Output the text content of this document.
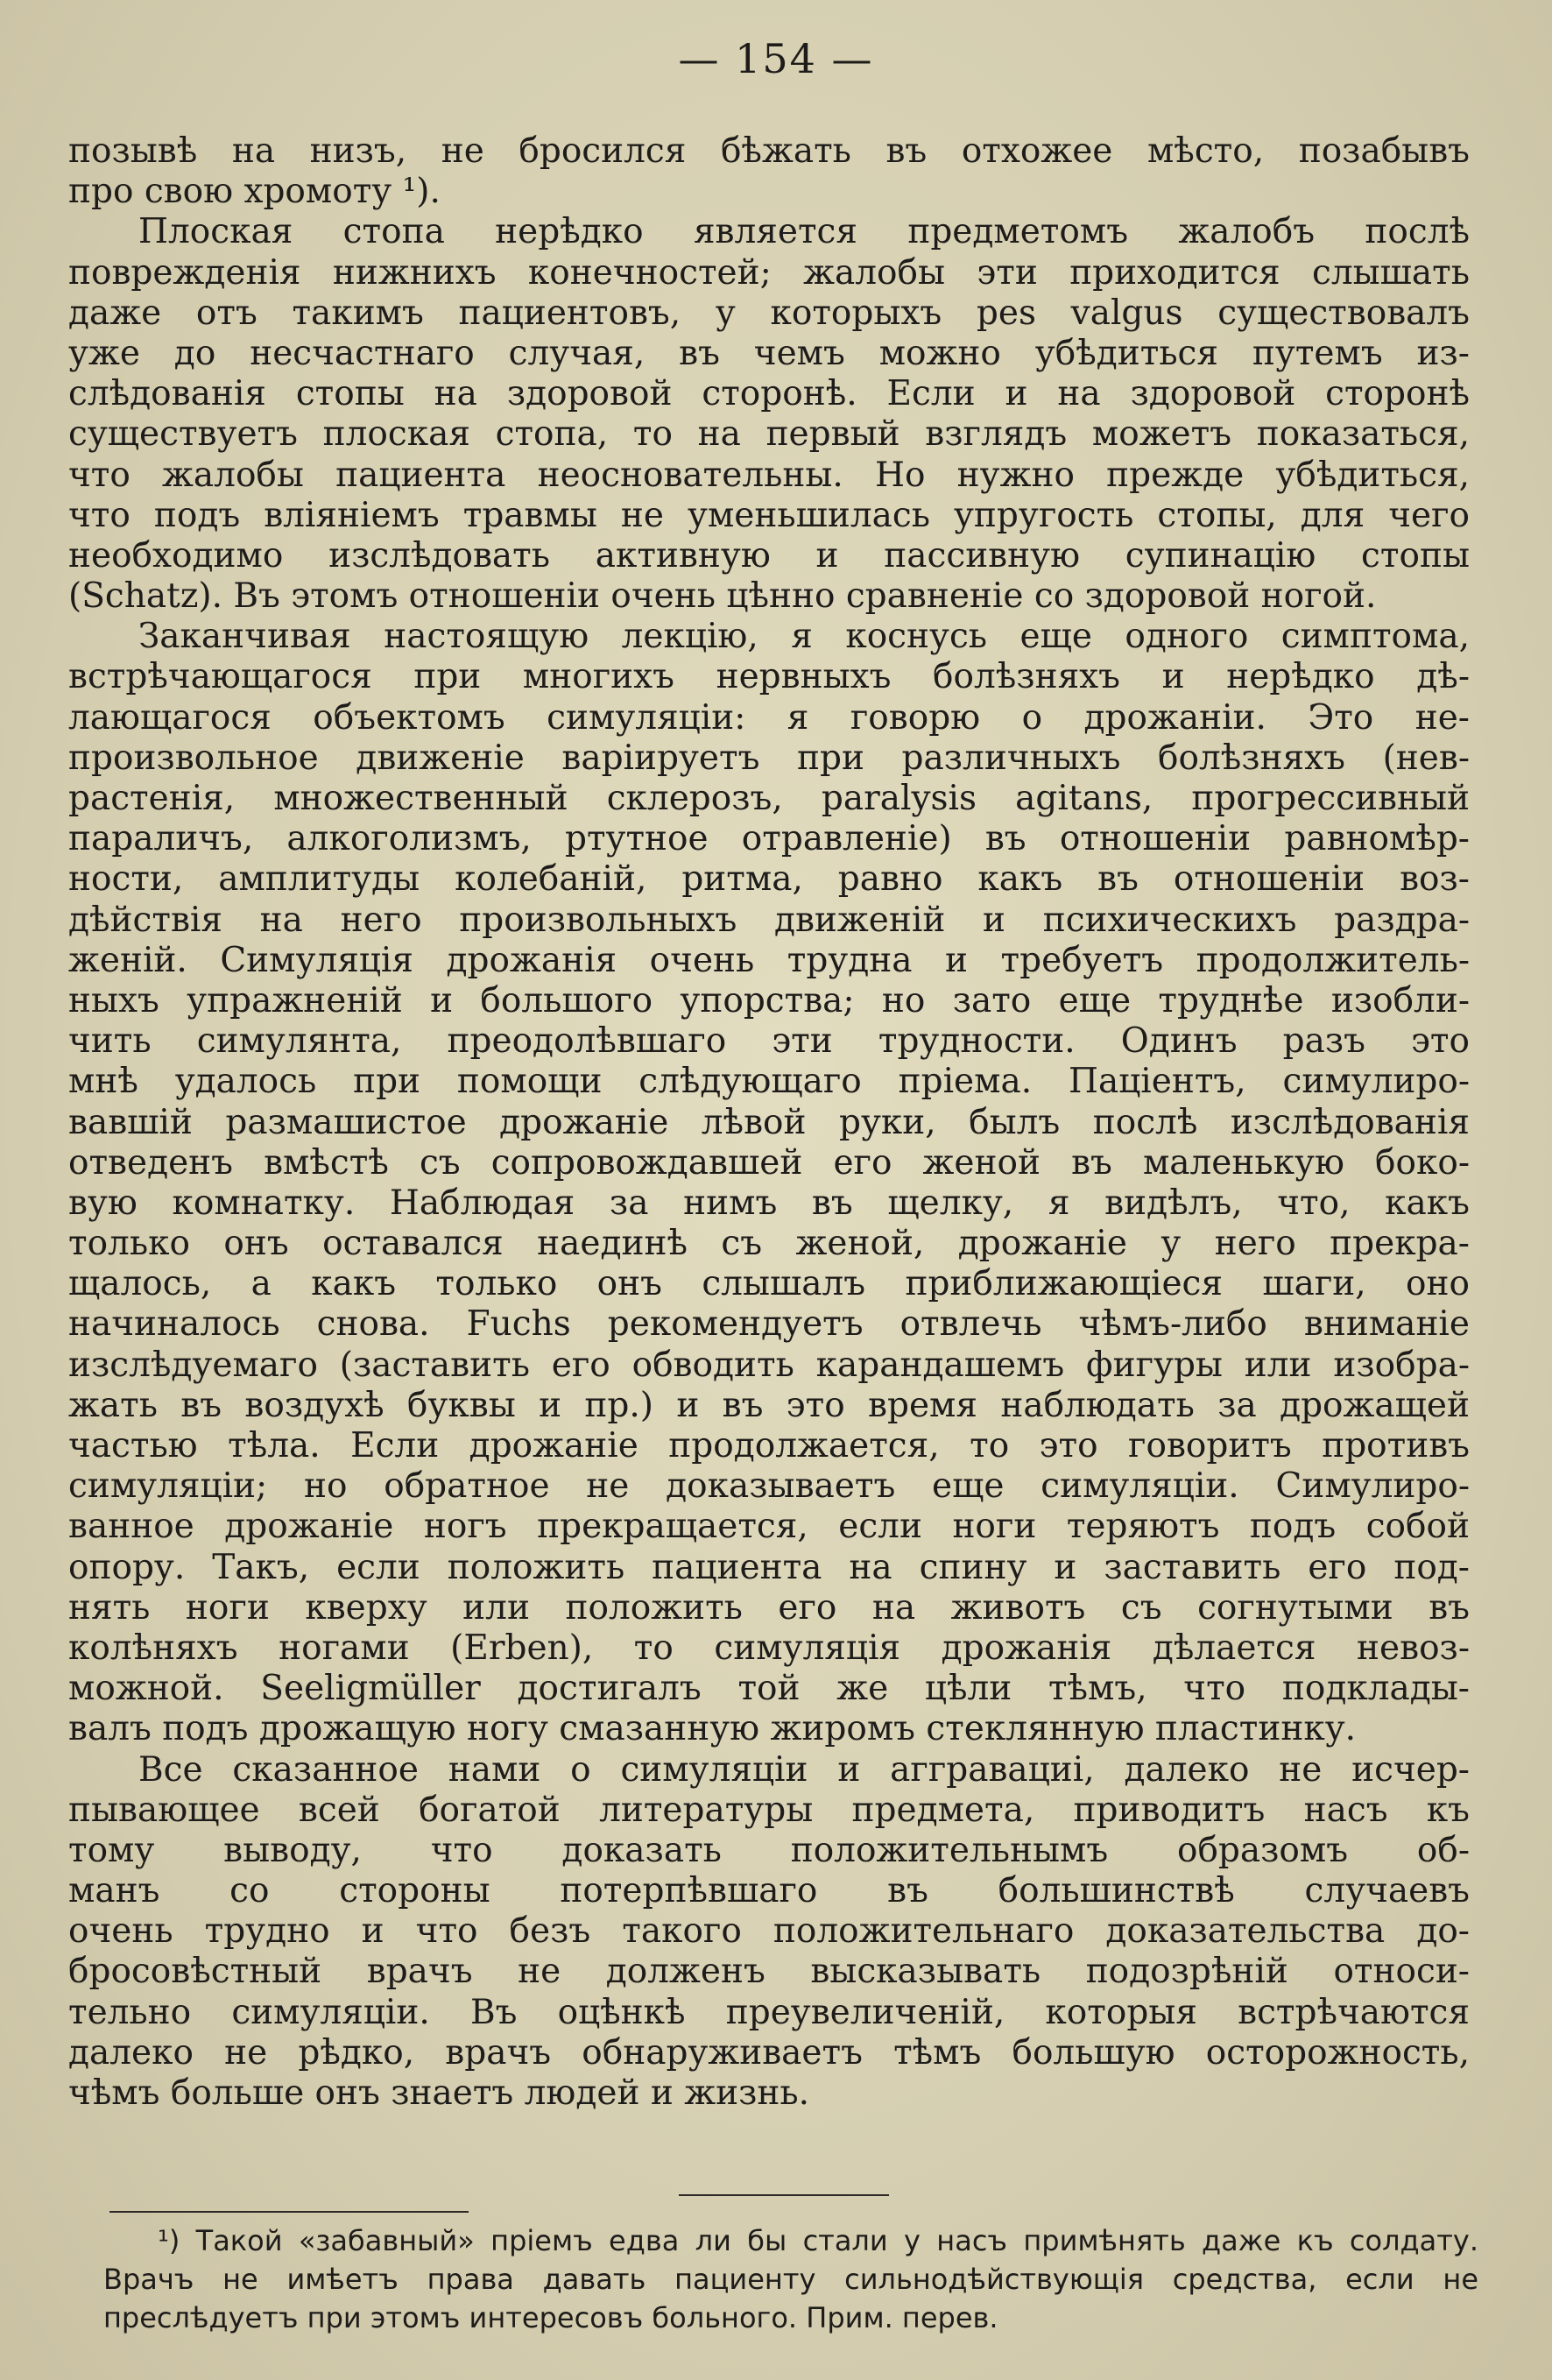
— 154 —
позывѣ на низъ, не бросился бѣжать въ отхожее мѣсто, позабывъ
про свою хромоту ¹).
Плоская стопа нерѣдко является предметомъ жалобъ послѣ
поврежденія нижнихъ конечностей; жалобы эти приходится слышать
даже отъ такимъ пациентовъ, у которыхъ pes valgus существовалъ
уже до несчастнаго случая, въ чемъ можно убѣдиться путемъ из-
слѣдованія стопы на здоровой сторонѣ. Если и на здоровой сторонѣ
существуетъ плоская стопа, то на первый взглядъ можетъ показаться,
что жалобы пациента неосновательны. Но нужно прежде убѣдиться,
что подъ вліяніемъ травмы не уменьшилась упругость стопы, для чего
необходимо изслѣдовать активную и пассивную супинацію стопы
(Schatz). Въ этомъ отношеніи очень цѣнно сравненіе со здоровой ногой.
Заканчивая настоящую лекцію, я коснусь еще одного симптома,
встрѣчающагося при многихъ нервныхъ болѣзняхъ и нерѣдко дѣ-
лающагося объектомъ симуляціи: я говорю о дрожаніи. Это не-
произвольное движеніе варіируетъ при различныхъ болѣзняхъ (нев-
растенія, множественный склерозъ, paralysis agitans, прогрессивный
параличъ, алкоголизмъ, ртутное отравленіе) въ отношеніи равномѣр-
ности, амплитуды колебаній, ритма, равно какъ въ отношеніи воз-
дѣйствія на него произвольныхъ движеній и психическихъ раздра-
женій. Симуляція дрожанія очень трудна и требуетъ продолжитель-
ныхъ упражненій и большого упорства; но зато еще труднѣе изобли-
чить симулянта, преодолѣвшаго эти трудности. Одинъ разъ это
мнѣ удалось при помощи слѣдующаго пріема. Пацiентъ, симулиро-
вавшій размашистое дрожаніе лѣвой руки, былъ послѣ изслѣдованія
отведенъ вмѣстѣ съ сопровождавшей его женой въ маленькую боко-
вую комнатку. Наблюдая за нимъ въ щелку, я видѣлъ, что, какъ
только онъ оставался наединѣ съ женой, дрожаніе у него прекра-
щалось, а какъ только онъ слышалъ приближающіеся шаги, оно
начиналось снова. Fuchs рекомендуетъ отвлечь чѣмъ-либо вниманіе
изслѣдуемаго (заставить его обводить карандашемъ фигуры или изобра-
жать въ воздухѣ буквы и пр.) и въ это время наблюдать за дрожащей
частью тѣла. Если дрожаніе продолжается, то это говоритъ противъ
симуляціи; но обратное не доказываетъ еще симуляціи. Симулиро-
ванное дрожаніе ногъ прекращается, если ноги теряютъ подъ собой
опору. Такъ, если положить пациента на спину и заставить его под-
нять ноги кверху или положить его на животъ съ согнутыми въ
колѣняхъ ногами (Erben), то симуляція дрожанія дѣлается невоз-
можной. Seeligmüller достигалъ той же цѣли тѣмъ, что подклады-
валъ подъ дрожащую ногу смазанную жиромъ стеклянную пластинку.
Все сказанное нами о симуляціи и аггравациі, далеко не исчер-
пывающее всей богатой литературы предмета, приводитъ насъ къ
тому выводу, что доказать положительнымъ образомъ об-
манъ со стороны потерпѣвшаго въ большинствѣ случаевъ
очень трудно и что безъ такого положительнаго доказательства до-
бросовѣстный врачъ не долженъ высказывать подозрѣній относи-
тельно симуляціи. Въ оцѣнкѣ преувеличеній, которыя встрѣчаются
далеко не рѣдко, врачъ обнаруживаетъ тѣмъ большую осторожность,
чѣмъ больше онъ знаетъ людей и жизнь.
¹) Такой «забавный» пріемъ едва ли бы стали у насъ примѣнять даже къ солдату.
Врачъ не имѣетъ права давать пациенту сильнодѣйствующія средства, если не
преслѣдуетъ при этомъ интересовъ больного. Прим. перев.
